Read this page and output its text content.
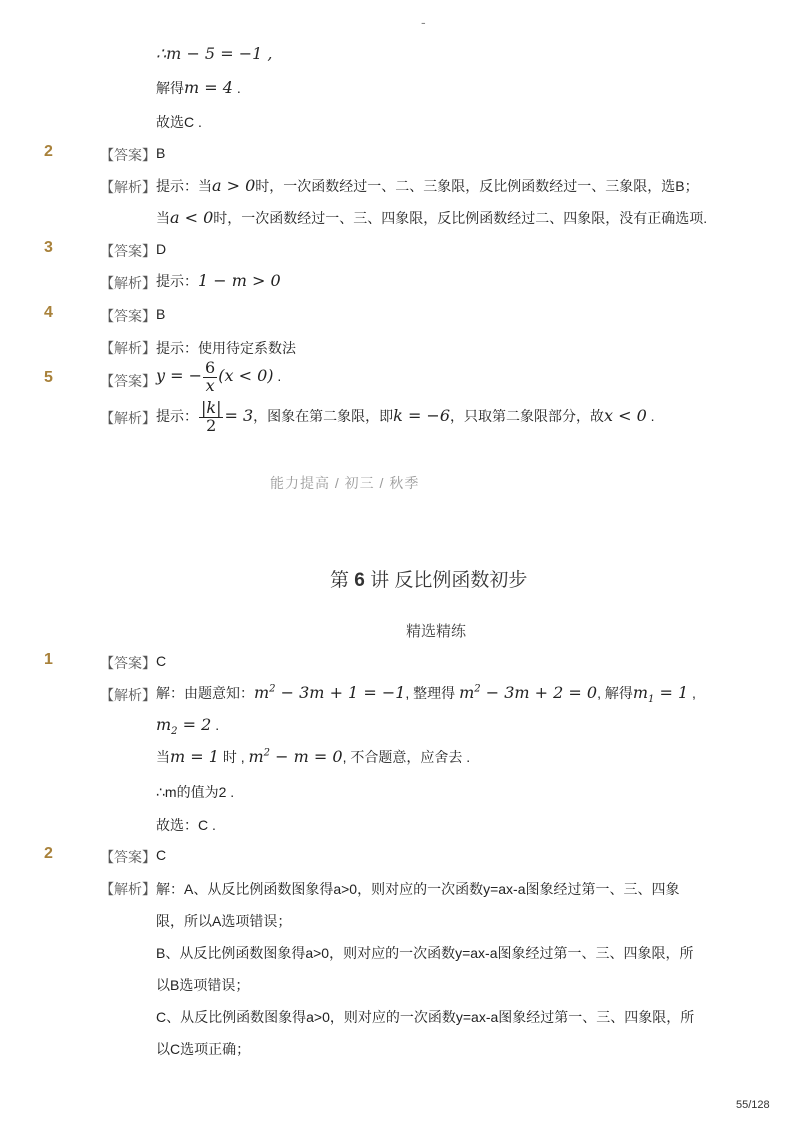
-
∴m − 5 = −1 ,
解得m = 4 .
故选C .
2	【答案】 B
【解析】 提示：当a > 0时，一次函数经过一、二、三象限，反比例函数经过一、三象限，选B；
当a < 0时，一次函数经过一、三、四象限，反比例函数经过二、四象限，没有正确选项.
3	【答案】 D
【解析】 提示：1 − m > 0
4	【答案】 B
【解析】 提示：使用待定系数法
5	【答案】 y = − $\frac{6}{x} (x < 0)$ .
【解析】 提示： $\frac{|k|}{2} = 3$，图象在第二象限，即k = −6，只取第二象限部分，故x < 0 .
能力提高 / 初三 / 秋季
第 6 讲 反比例函数初步
精选精练
1	【答案】 C
【解析】 解：由题意知：$m^2 - 3m + 1 = -1$, 整理得 $m^2 - 3m + 2 = 0$, 解得$m_1 = 1$ ,
$m_2 = 2$ .
当m = 1 时 , $m^2 - m = 0$, 不合题意，应舍去 .
∴m的值为2 .
故选：C .
2	【答案】 C
【解析】 解：A、从反比例函数图象得a>0，则对应的一次函数y=ax-a图象经过第一、三、四象
限，所以A选项错误；
B、从反比例函数图象得a>0，则对应的一次函数y=ax-a图象经过第一、三、四象限，所
以B选项错误；
C、从反比例函数图象得a>0，则对应的一次函数y=ax-a图象经过第一、三、四象限，所
以C选项正确；
55/128
